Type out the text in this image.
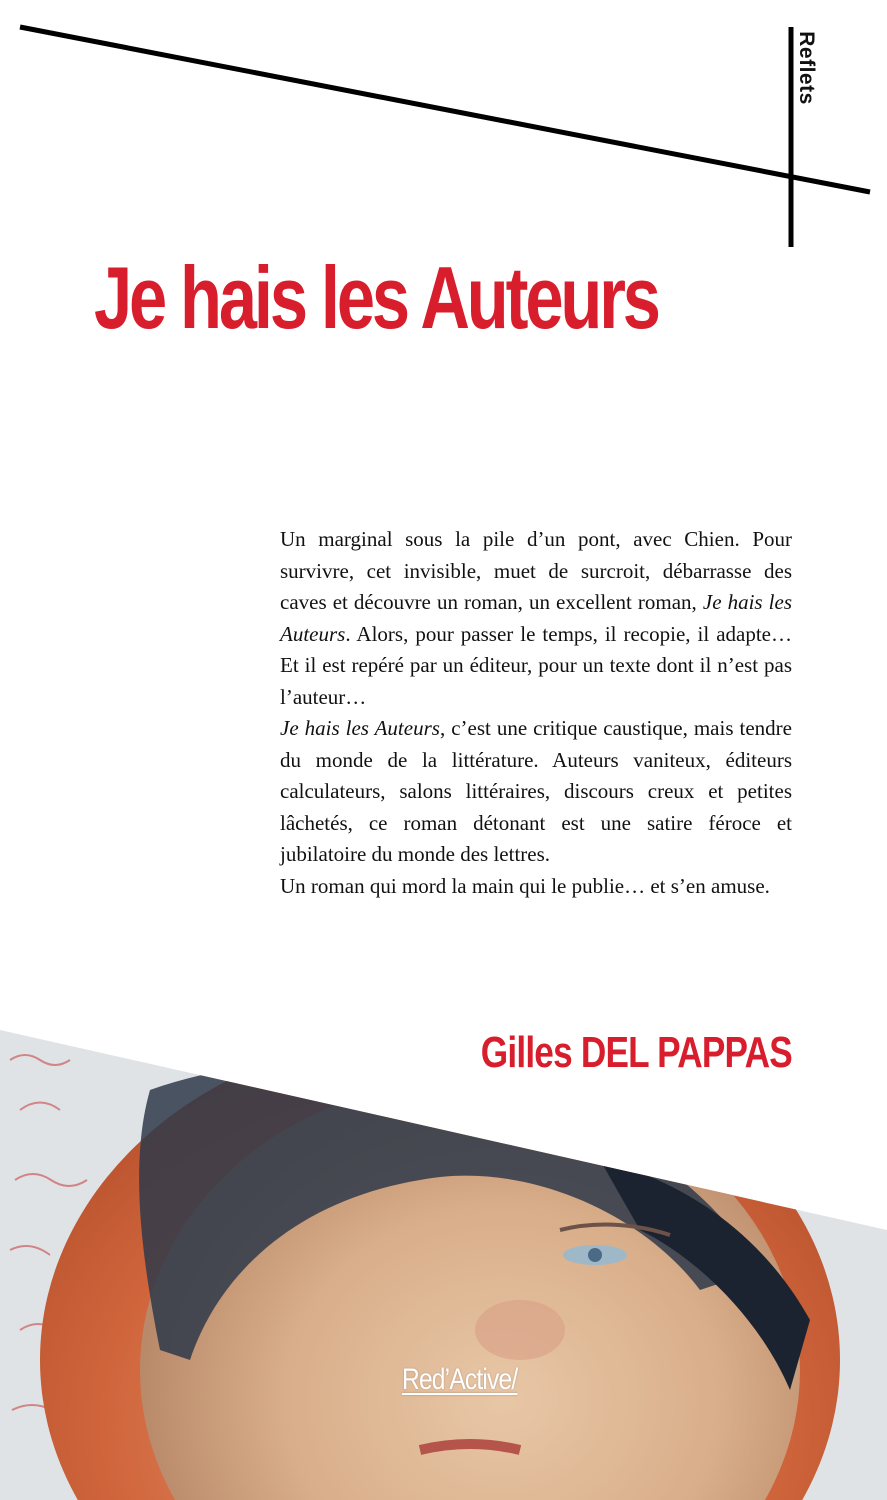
Reflets
Je hais les Auteurs

Un marginal sous la pile d’un pont, avec Chien. Pour survivre, cet invisible, muet de surcroit, débarrasse des caves et découvre un roman, un excellent roman, Je hais les Auteurs. Alors, pour passer le temps, il recopie, il adapte… Et il est repéré par un éditeur, pour un texte dont il n’est pas l’auteur…

Je hais les Auteurs, c’est une critique caustique, mais tendre du monde de la littérature. Auteurs vaniteux, éditeurs calculateurs, salons littéraires, discours creux et petites lâchetés, ce roman détonant est une satire féroce et jubilatoire du monde des lettres.

Un roman qui mord la main qui le publie… et s’en amuse.

Gilles DEL PAPPAS
Red’Active/
